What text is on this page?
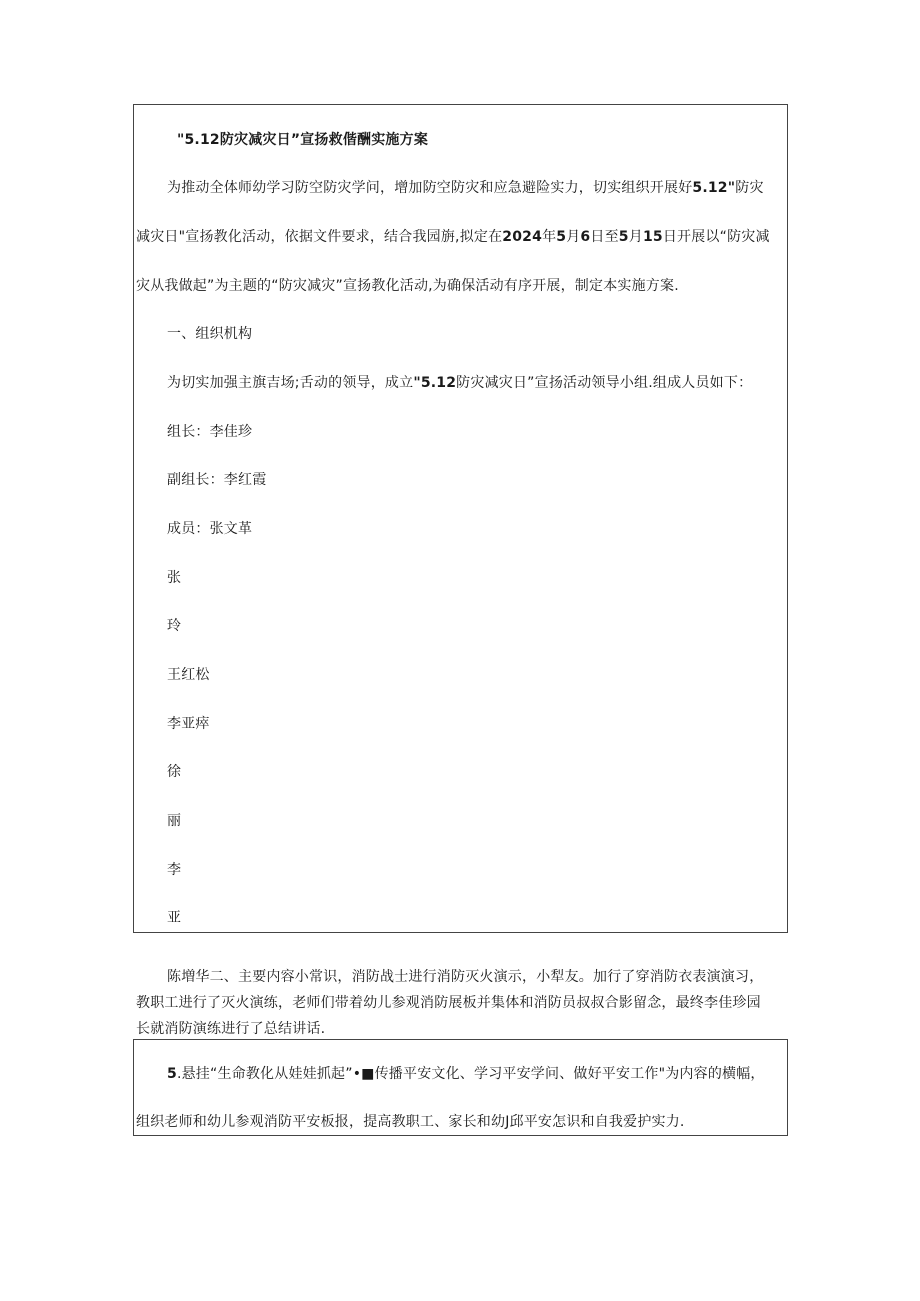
"5.12防灾减灾日”宣扬救偕酬实施方案
为推动全体师幼学习防空防灾学问，增加防空防灾和应急避险实力，切实组织开展好5.12"防灾
减灾日"宣扬教化活动，依据文件要求，结合我园旃,拟定在2024年5月6日至5月15日开展以“防灾减
灾从我做起”为主题的“防灾减灾”宣扬教化活动,为确保活动有序开展，制定本实施方案.
一、组织机构
为切实加强主旗吉场;舌动的领导，成立"5.12防灾减灾日”宣扬活动领导小组.组成人员如下：
组长：李佳珍
副组长：李红霞
成员：张文革
张
玲
王红松
李亚瘁
徐
丽
李
亚
陈増华二、主要内容小常识，消防战士进行消防灭火演示，小犁友。加行了穿消防衣表演演习，
教职工进行了灭火演练，老师们带着幼儿参观消防展板并集体和消防员叔叔合影留念，最终李佳珍园
长就消防演练进行了总结讲话.
5.悬挂“生命教化从娃娃抓起”•■传播平安文化、学习平安学问、做好平安工作"为内容的横幅，
组织老师和幼儿参观消防平安板报，提高教职工、家长和幼J邱平安怎识和自我爱护实力.
